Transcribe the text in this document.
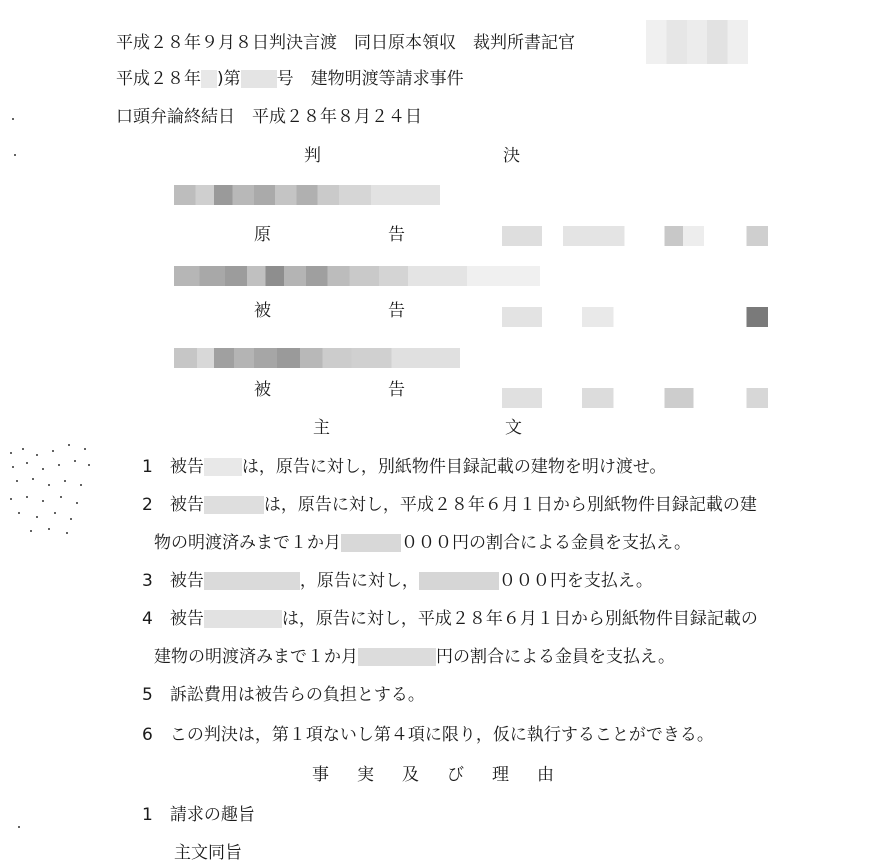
平成２８年９月８日判決言渡　同日原本領収　裁判所書記官
平成２８年 )第 号　建物明渡等請求事件
口頭弁論終結日　平成２８年８月２４日
判	決
原	告
被	告
被	告
主	文
1　 被告 は，原告に対し，別紙物件目録記載の建物を明け渡せ。
2　 被告	は，原告に対し，平成２８年６月１日から別紙物件目録記載の建
物の明渡済みまで１か月	０００円の割合による金員を支払え。
3　 被告	，原告に対し，	０００円を支払え。
4　 被告	は，原告に対し，平成２８年６月１日から別紙物件目録記載の
建物の明渡済みまで１か月	円の割合による金員を支払え。
5　 訴訟費用は被告らの負担とする。
6　 この判決は，第１項ないし第４項に限り，仮に執行することができる。
事実及び理由
1　 請求の趣旨
主文同旨
